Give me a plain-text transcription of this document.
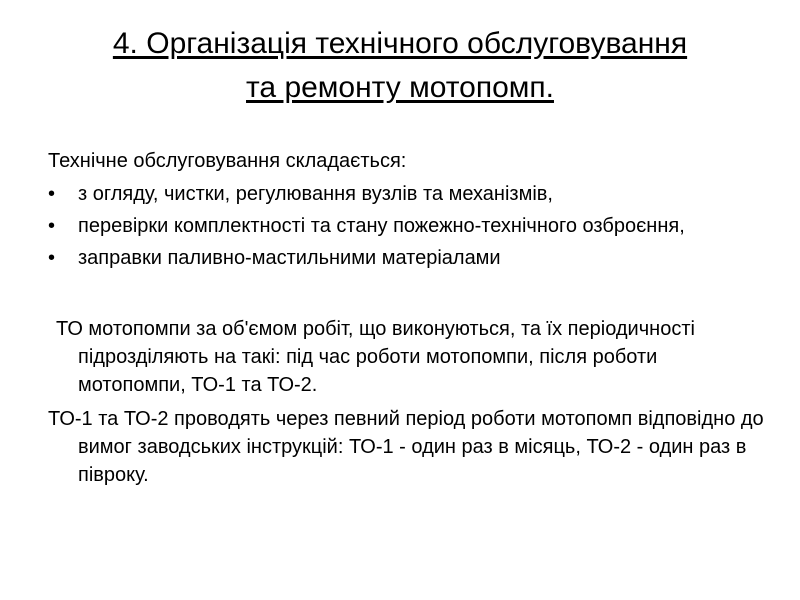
4. Організація технічного обслуговування
та ремонту мотопомп.

Технічне обслуговування складається:

•	з огляду, чистки, регулювання вузлів та механізмів,
•	перевірки комплектності та стану пожежно-технічного озброєння,
•	заправки паливно-мастильними матеріалами

ТО мотопомпи за об'ємом робіт, що виконуються, та їх періодичності підрозділяють на такі: під час роботи мотопомпи, після роботи мотопомпи, ТО-1 та ТО-2.

ТО-1 та ТО-2 проводять через певний період роботи мотопомп відповідно до вимог заводських інструкцій: ТО-1 - один раз в місяць, ТО-2 - один раз в півроку.
